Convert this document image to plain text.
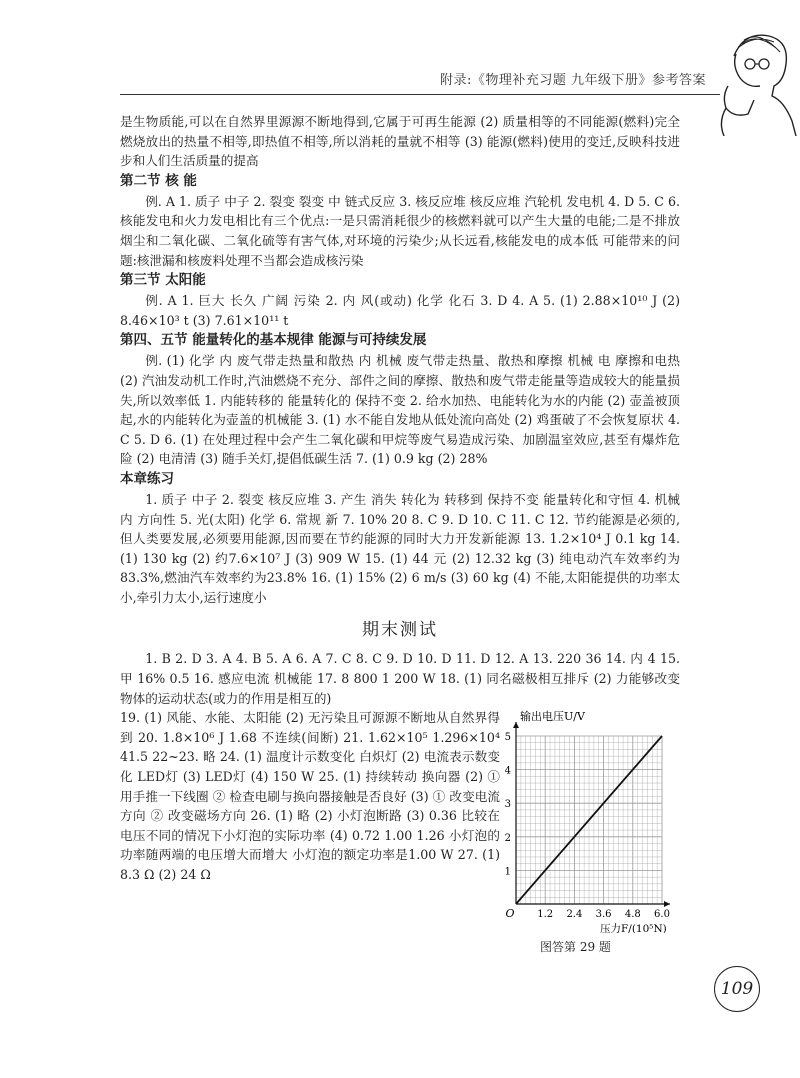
附录:《物理补充习题 九年级下册》参考答案

是生物质能,可以在自然界里源源不断地得到,它属于可再生能源 (2) 质量相等的不同能源(燃料)完全燃烧放出的热量不相等,即热值不相等,所以消耗的量就不相等 (3) 能源(燃料)使用的变迁,反映科技进步和人们生活质量的提高

第二节 核 能

例. A 1. 质子 中子 2. 裂变 裂变 中 链式反应 3. 核反应堆 核反应堆 汽轮机 发电机 4. D 5. C 6. 核能发电和火力发电相比有三个优点:一是只需消耗很少的核燃料就可以产生大量的电能;二是不排放烟尘和二氧化碳、二氧化硫等有害气体,对环境的污染少;从长远看,核能发电的成本低 可能带来的问题:核泄漏和核废料处理不当都会造成核污染

第三节 太阳能

例. A 1. 巨大 长久 广阔 污染 2. 内 风(或动) 化学 化石 3. D 4. A 5. (1) 2.88×10¹⁰ J (2) 8.46×10³ t (3) 7.61×10¹¹ t

第四、五节 能量转化的基本规律 能源与可持续发展

例. (1) 化学 内 废气带走热量和散热 内 机械 废气带走热量、散热和摩擦 机械 电 摩擦和电热 (2) 汽油发动机工作时,汽油燃烧不充分、部件之间的摩擦、散热和废气带走能量等造成较大的能量损失,所以效率低 1. 内能转移的 能量转化的 保持不变 2. 给水加热、电能转化为水的内能 (2) 壶盖被顶起,水的内能转化为壶盖的机械能 3. (1) 水不能自发地从低处流向高处 (2) 鸡蛋破了不会恢复原状 4. C 5. D 6. (1) 在处理过程中会产生二氧化碳和甲烷等废气易造成污染、加剧温室效应,甚至有爆炸危险 (2) 电清清 (3) 随手关灯,提倡低碳生活 7. (1) 0.9 kg (2) 28%

本章练习

1. 质子 中子 2. 裂变 核反应堆 3. 产生 消失 转化为 转移到 保持不变 能量转化和守恒 4. 机械 内 方向性 5. 光(太阳) 化学 6. 常规 新 7. 10% 20 8. C 9. D 10. C 11. C 12. 节约能源是必须的,但人类要发展,必须要用能源,因而要在节约能源的同时大力开发新能源 13. 1.2×10⁴ J 0.1 kg 14. (1) 130 kg (2) 约7.6×10⁷ J (3) 909 W 15. (1) 44 元 (2) 12.32 kg (3) 纯电动汽车效率约为83.3%,燃油汽车效率约为23.8% 16. (1) 15% (2) 6 m/s (3) 60 kg (4) 不能,太阳能提供的功率太小,牵引力太小,运行速度小

期末测试

1. B 2. D 3. A 4. B 5. A 6. A 7. C 8. C 9. D 10. D 11. D 12. A 13. 220 36 14. 内 4 15. 甲 16% 0.5 16. 感应电流 机械能 17. 8 800 1 200 W 18. (1) 同名磁极相互排斥 (2) 力能够改变物体的运动状态(或力的作用是相互的)

19. (1) 风能、水能、太阳能 (2) 无污染且可源源不断地从自然界得到 20. 1.8×10⁶ J 1.68 不连续(间断) 21. 1.62×10⁵ 1.296×10⁴ 41.5 22~23. 略 24. (1) 温度计示数变化 白炽灯 (2) 电流表示数变化 LED灯 (3) LED灯 (4) 150 W 25. (1) 持续转动 换向器 (2) ① 用手推一下线圈 ② 检查电刷与换向器接触是否良好 (3) ① 改变电流方向 ② 改变磁场方向 26. (1) 略 (2) 小灯泡断路 (3) 0.36 比较在电压不同的情况下小灯泡的实际功率 (4) 0.72 1.00 1.26 小灯泡的功率随两端的电压增大而增大 小灯泡的额定功率是1.00 W 27. (1) 8.3 Ω (2) 24 Ω	1
2
3
4
5
1.2 2.4 3.6 4.8 6.0
O
输出电压U/V
压力F/(10⁵N)
图答第 29 题
109
